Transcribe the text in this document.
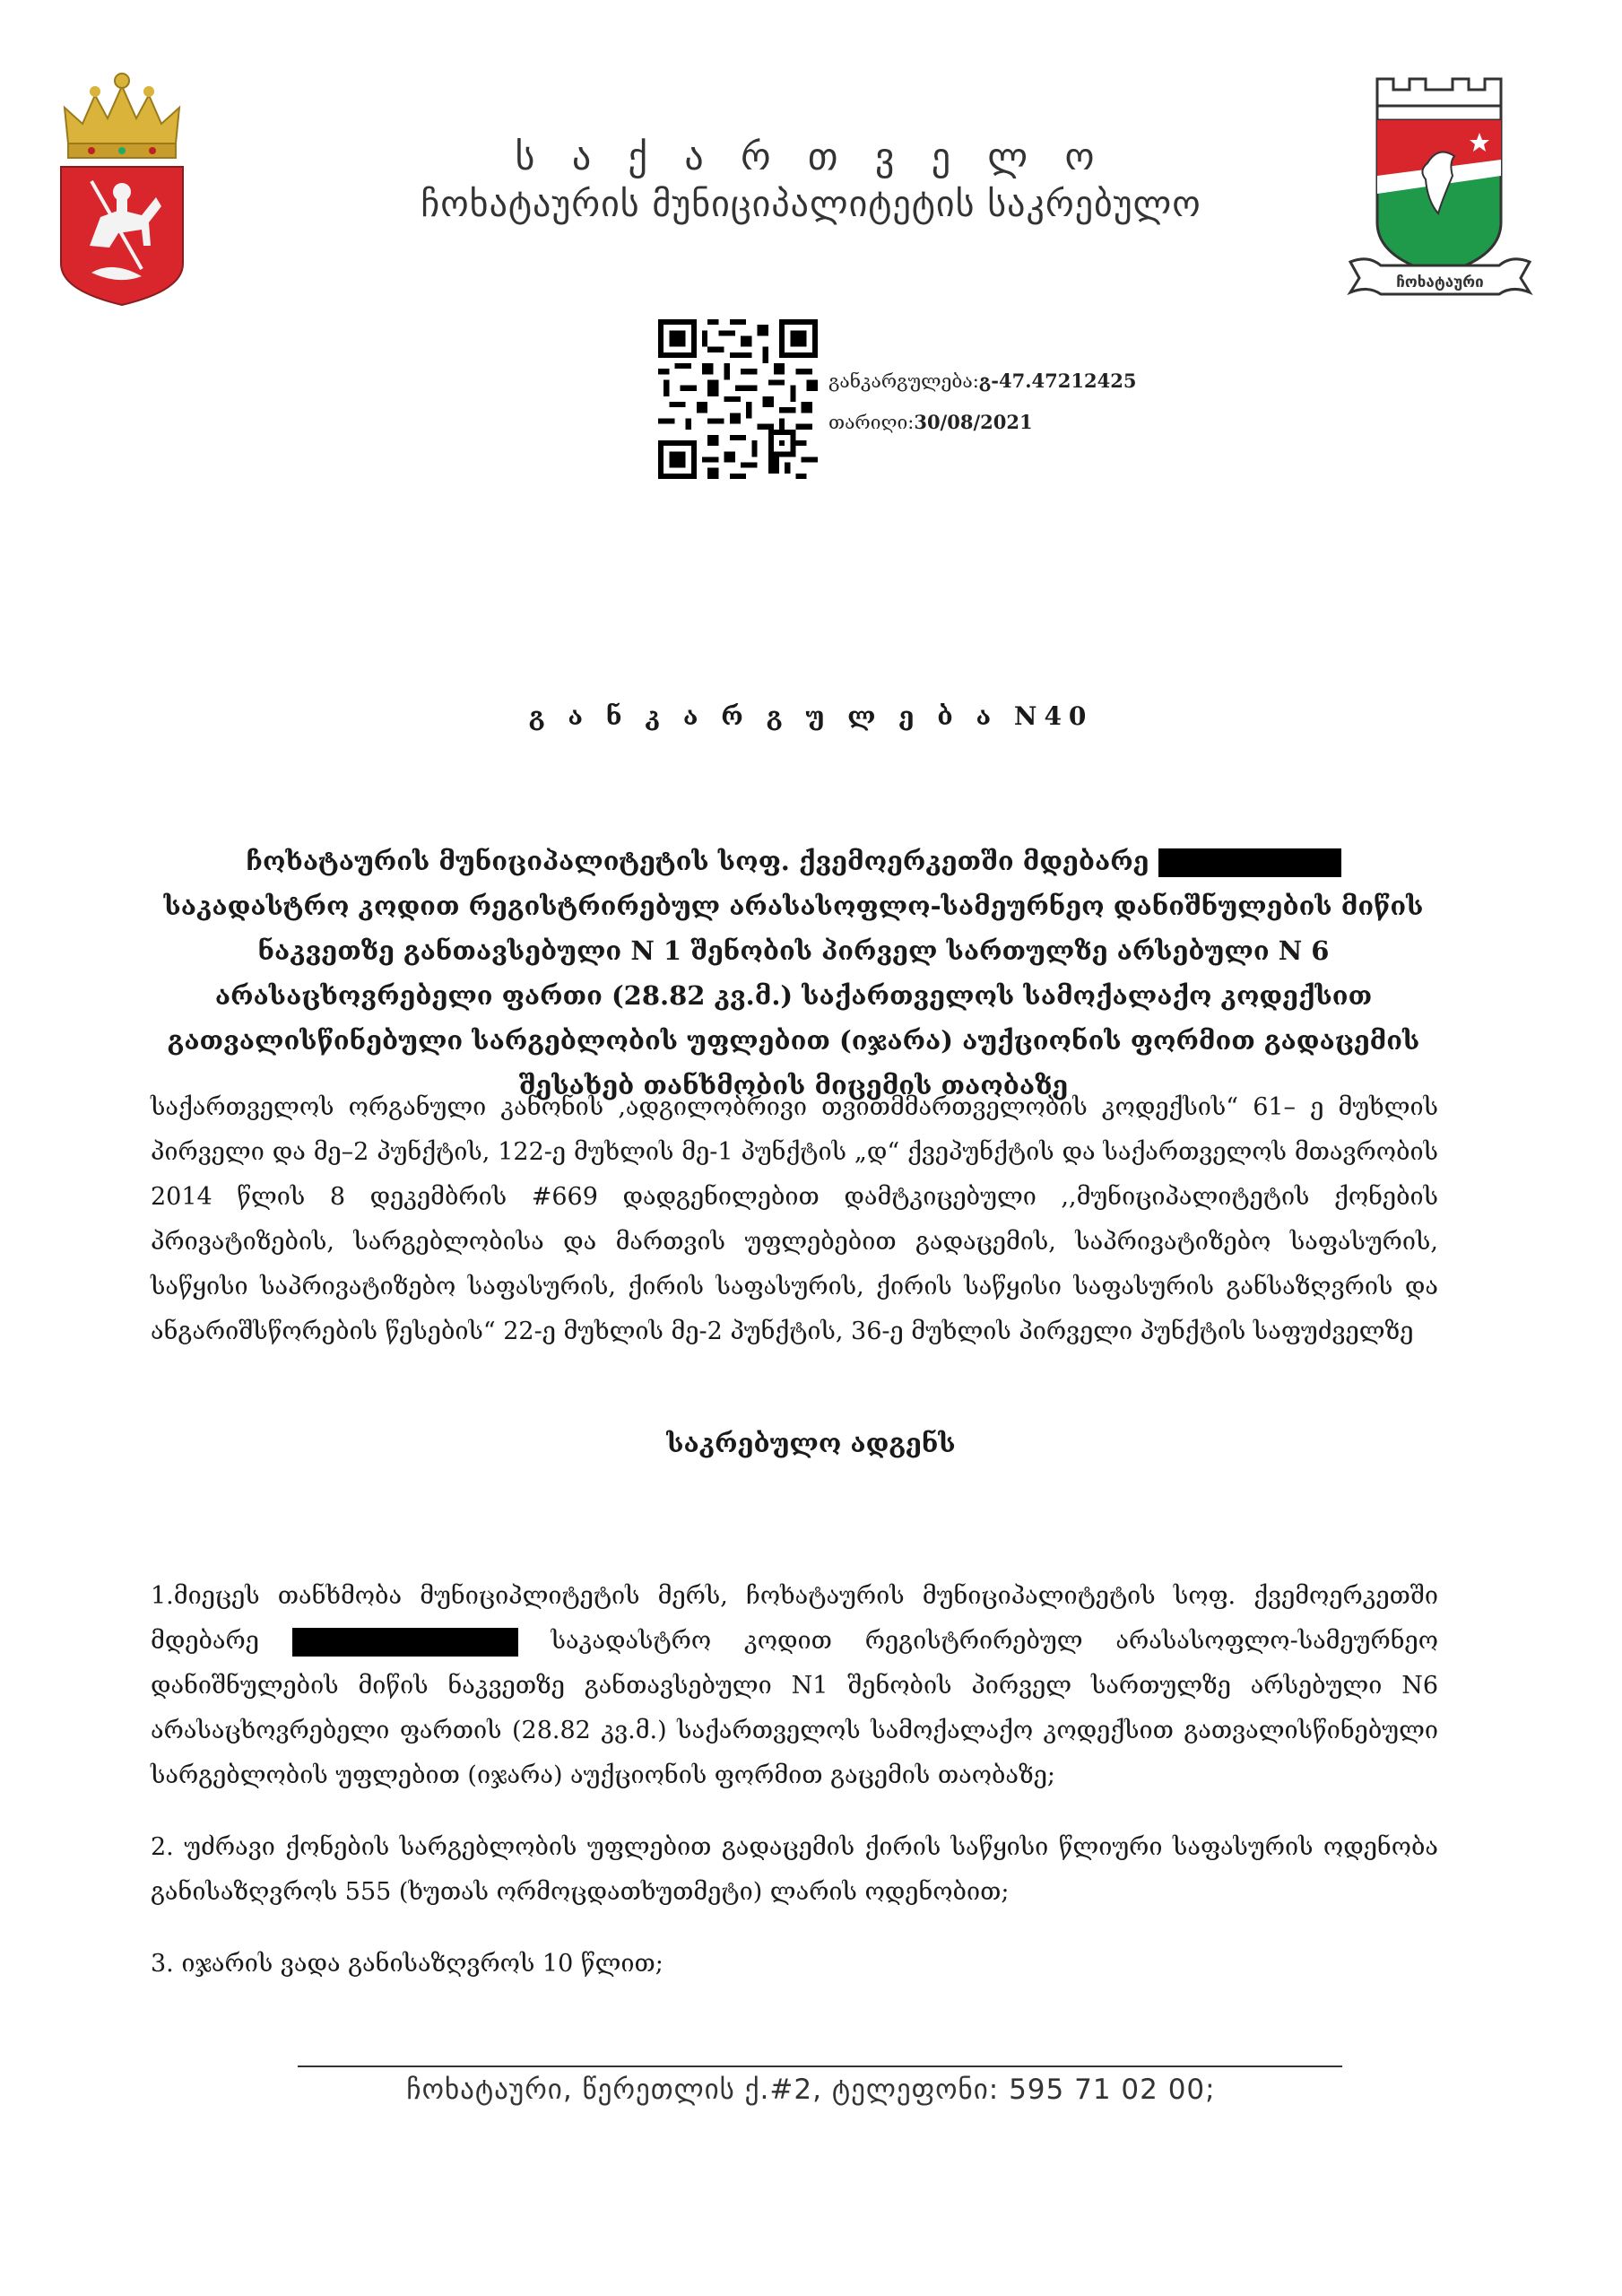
ს ა ქ ა რ თ ვ ე ლ ო
ჩოხატაურის მუნიციპალიტეტის საკრებულო
ჩოხატაური
განკარგულება:გ-47.47212425
თარიღი:30/08/2021
გ ა ნ კ ა რ გ უ ლ ე ბ ა N40
ჩოხატაურის მუნიციპალიტეტის სოფ. ქვემოერკეთში მდებარე  საკადასტრო კოდით რეგისტრირებულ არასასოფლო-სამეურნეო დანიშნულების მიწის ნაკვეთზე განთავსებული N 1 შენობის პირველ სართულზე არსებული N 6 არასაცხოვრებელი ფართი (28.82 კვ.მ.) საქართველოს სამოქალაქო კოდექსით გათვალისწინებული სარგებლობის უფლებით (იჯარა) აუქციონის ფორმით გადაცემის შესახებ თანხმობის მიცემის თაობაზე
საქართველოს ორგანული კანონის ,ადგილობრივი თვითმმართველობის კოდექსის“ 61– ე მუხლის პირველი და მე–2 პუნქტის, 122-ე მუხლის მე-1 პუნქტის „დ“ ქვეპუნქტის და საქართველოს მთავრობის 2014 წლის 8 დეკემბრის #669 დადგენილებით დამტკიცებული ,,მუნიციპალიტეტის ქონების პრივატიზების, სარგებლობისა და მართვის უფლებებით გადაცემის, საპრივატიზებო საფასურის, საწყისი საპრივატიზებო საფასურის, ქირის საფასურის, ქირის საწყისი საფასურის განსაზღვრის და ანგარიშსწორების წესების“ 22-ე მუხლის მე-2 პუნქტის, 36-ე მუხლის პირველი პუნქტის საფუძველზე
საკრებულო ადგენს
1.მიეცეს თანხმობა მუნიციპლიტეტის მერს, ჩოხატაურის მუნიციპალიტეტის სოფ. ქვემოერკეთში მდებარე	საკადასტრო კოდით რეგისტრირებულ არასასოფლო-სამეურნეო დანიშნულების მიწის ნაკვეთზე განთავსებული N1 შენობის პირველ სართულზე არსებული N6 არასაცხოვრებელი ფართის (28.82 კვ.მ.) საქართველოს სამოქალაქო კოდექსით გათვალისწინებული სარგებლობის უფლებით (იჯარა) აუქციონის ფორმით გაცემის თაობაზე;
2. უძრავი ქონების სარგებლობის უფლებით გადაცემის ქირის საწყისი წლიური საფასურის ოდენობა განისაზღვროს 555 (ხუთას ორმოცდათხუთმეტი) ლარის ოდენობით;
3. იჯარის ვადა განისაზღვროს 10 წლით;
ჩოხატაური, წერეთლის ქ.#2, ტელეფონი: 595 71 02 00;
